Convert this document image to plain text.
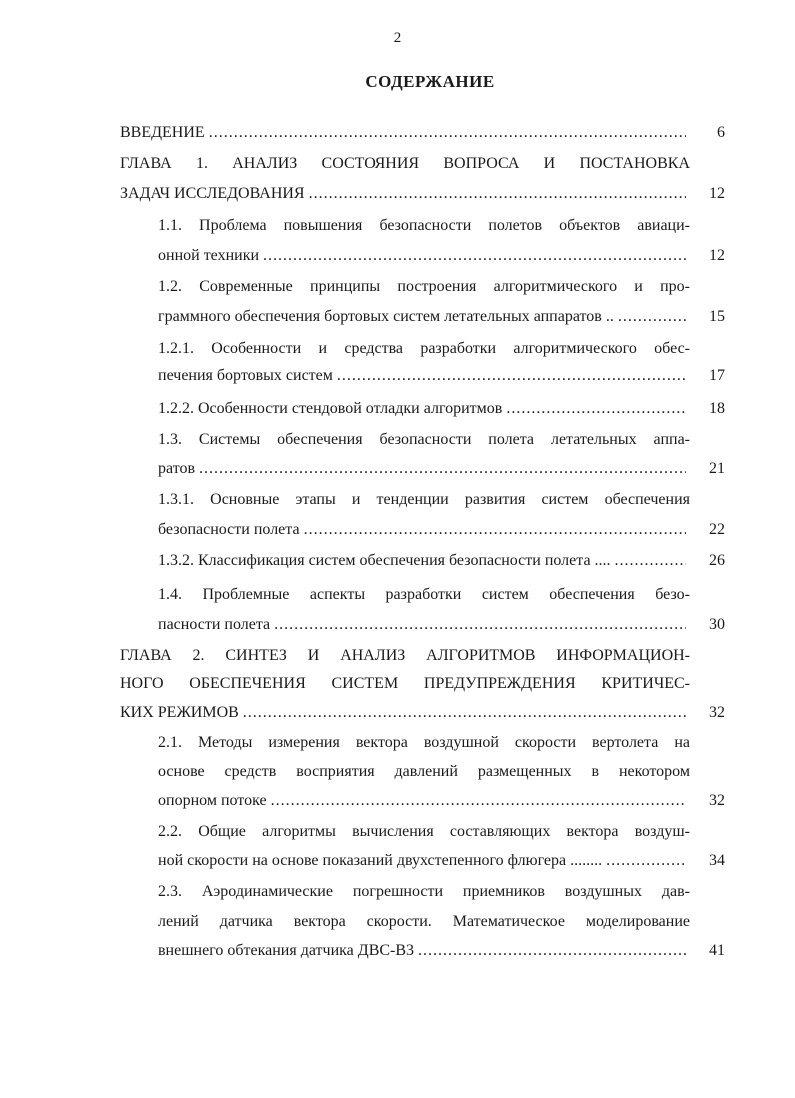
2
СОДЕРЖАНИЕ
ВВЕДЕНИЕ .....	6
ГЛАВА 1. АНАЛИЗ СОСТОЯНИЯ ВОПРОСА И ПОСТАНОВКА
ЗАДАЧ ИССЛЕДОВАНИЯ .....	12
1.1. Проблема повышения безопасности полетов объектов авиаци-
онной техники .....	12
1.2. Современные принципы построения алгоритмического и про-
граммного обеспечения бортовых систем летательных аппаратов .. .....	15
1.2.1. Особенности и средства разработки алгоритмического обес-
печения бортовых систем .....	17
1.2.2. Особенности стендовой отладки алгоритмов .....	18
1.3. Системы обеспечения безопасности полета летательных аппа-
ратов .....	21
1.3.1. Основные этапы и тенденции развития систем обеспечения
безопасности полета .....	22
1.3.2. Классификация систем обеспечения безопасности полета .... .....	26
1.4. Проблемные аспекты разработки систем обеспечения безо-
пасности полета .....	30
ГЛАВА 2. СИНТЕЗ И АНАЛИЗ АЛГОРИТМОВ ИНФОРМАЦИОН-
НОГО ОБЕСПЕЧЕНИЯ СИСТЕМ ПРЕДУПРЕЖДЕНИЯ КРИТИЧЕС-
КИХ РЕЖИМОВ .....	32
2.1. Методы измерения вектора воздушной скорости вертолета на
основе средств восприятия давлений размещенных в некотором
опорном потоке .....	32
2.2. Общие алгоритмы вычисления составляющих вектора воздуш-
ной скорости на основе показаний двухстепенного флюгера ........ .....	34
2.3. Аэродинамические погрешности приемников воздушных дав-
лений датчика вектора скорости. Математическое моделирование
внешнего обтекания датчика ДВС-В3 .....	41
